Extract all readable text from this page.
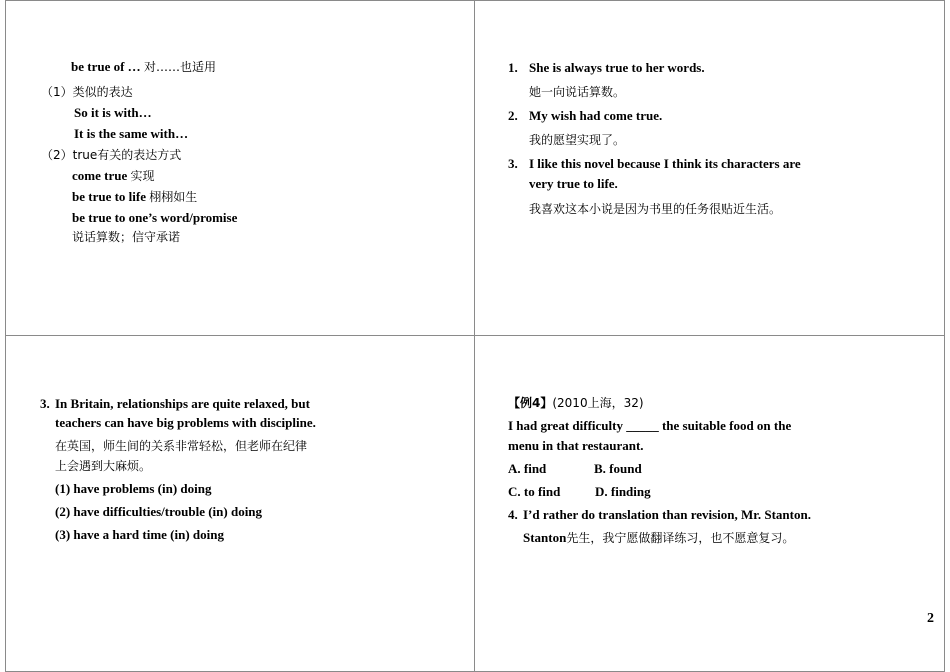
be true of … 对……也适用
（1）类似的表达
So it is with…
It is the same with…
（2）true有关的表达方式
come true 实现
be true to life 栩栩如生
be true to one’s word/promise
说话算数；信守承诺
1. She is always true to her words.
她一向说话算数。
2. My wish had come true.
我的愿望实现了。
3. I like this novel because I think its characters are
very true to life.
我喜欢这本小说是因为书里的任务很贴近生活。
3. In Britain, relationships are quite relaxed, but
teachers can have big problems with discipline.
在英国，师生间的关系非常轻松，但老师在纪律
上会遇到大麻烦。
(1) have problems (in) doing
(2) have difficulties/trouble (in) doing
(3) have a hard time (in) doing
【例4】(2010上海，32)
I had great difficulty _____ the suitable food on the
menu in that restaurant.
A. find	B. found
C. to find	D. finding
4. I’d rather do translation than revision, Mr. Stanton.
Stanton先生，我宁愿做翻译练习，也不愿意复习。
2
